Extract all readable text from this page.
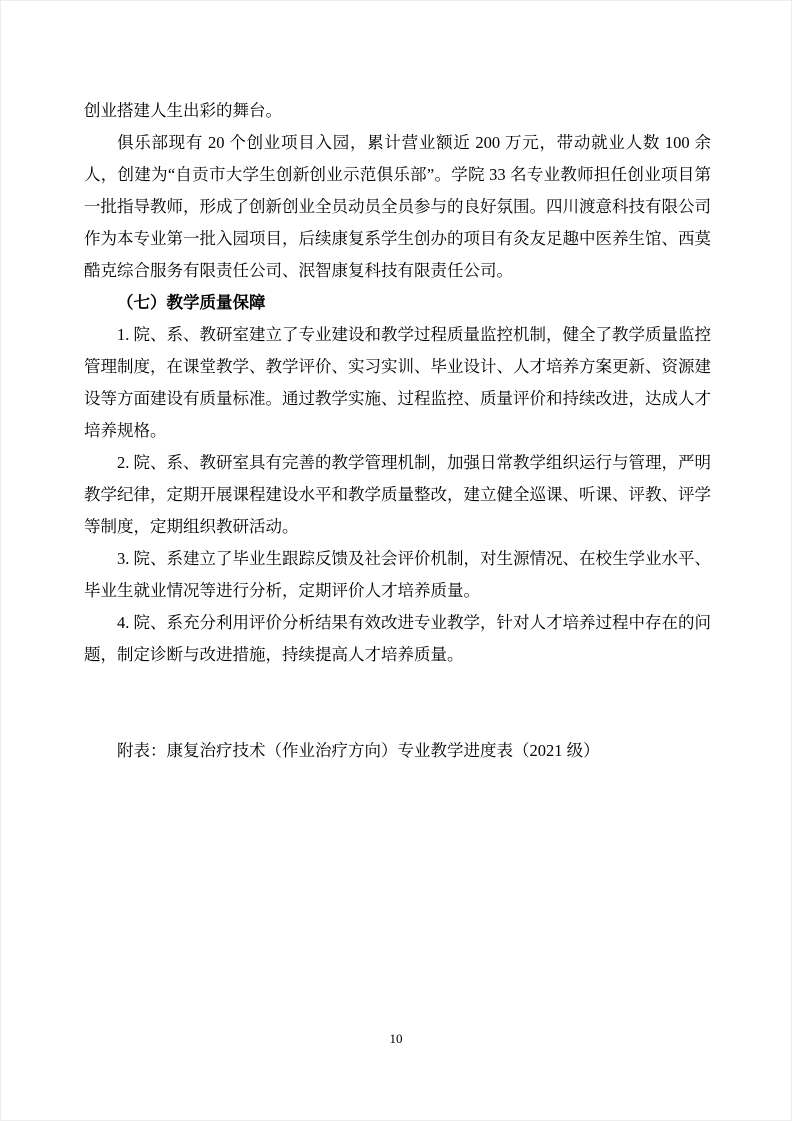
创业搭建人生出彩的舞台。

俱乐部现有 20 个创业项目入园，累计营业额近 200 万元，带动就业人数 100 余人，创建为“自贡市大学生创新创业示范俱乐部”。学院 33 名专业教师担任创业项目第一批指导教师，形成了创新创业全员动员全员参与的良好氛围。四川渡意科技有限公司作为本专业第一批入园项目，后续康复系学生创办的项目有灸友足趣中医养生馆、西莫酷克综合服务有限责任公司、泯智康复科技有限责任公司。

（七）教学质量保障

1. 院、系、教研室建立了专业建设和教学过程质量监控机制，健全了教学质量监控管理制度，在课堂教学、教学评价、实习实训、毕业设计、人才培养方案更新、资源建设等方面建设有质量标准。通过教学实施、过程监控、质量评价和持续改进，达成人才培养规格。

2. 院、系、教研室具有完善的教学管理机制，加强日常教学组织运行与管理，严明教学纪律，定期开展课程建设水平和教学质量整改，建立健全巡课、听课、评教、评学等制度，定期组织教研活动。

3. 院、系建立了毕业生跟踪反馈及社会评价机制，对生源情况、在校生学业水平、毕业生就业情况等进行分析，定期评价人才培养质量。

4. 院、系充分利用评价分析结果有效改进专业教学，针对人才培养过程中存在的问题，制定诊断与改进措施，持续提高人才培养质量。

附表：康复治疗技术（作业治疗方向）专业教学进度表（2021 级）

10
